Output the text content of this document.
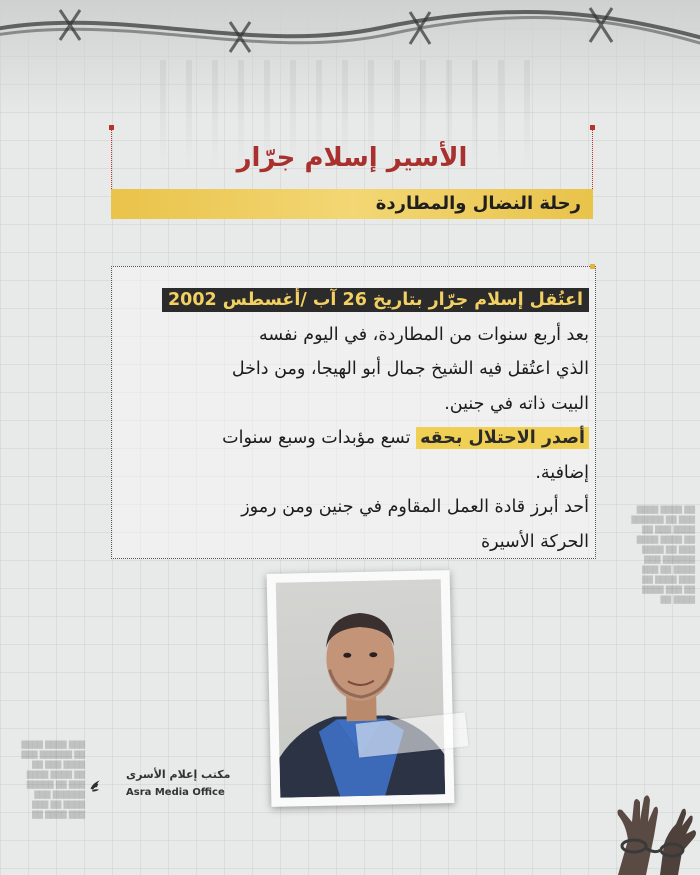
██ ████ ████
███ ██ ██████
████ ███ ██
██ ████ ████
███ ██ ████
██████ ███
████ ██ ███
███ ████ ██
██ ███ ████
████ ██
███ ████ ████
██ ██████ ███
████ ███ ██
██ ████ ████
███ ██ █████
██████ ███
████ ██ ███
███ ████ ██
الأسير إسلام جرّار
رحلة النضال والمطاردة
اعتُقل إسلام جرّار بتاريخ 26 آب /أغسطس 2002
بعد أربع سنوات من المطاردة، في اليوم نفسه
الذي اعتُقل فيه الشيخ جمال أبو الهيجا، ومن داخل
البيت ذاته في جنين.
أصدر الاحتلال بحقه تسع مؤبدات وسبع سنوات
إضافية.
أحد أبرز قادة العمل المقاوم في جنين ومن رموز
الحركة الأسيرة
مكتب إعلام الأسرى
Asra Media Office
